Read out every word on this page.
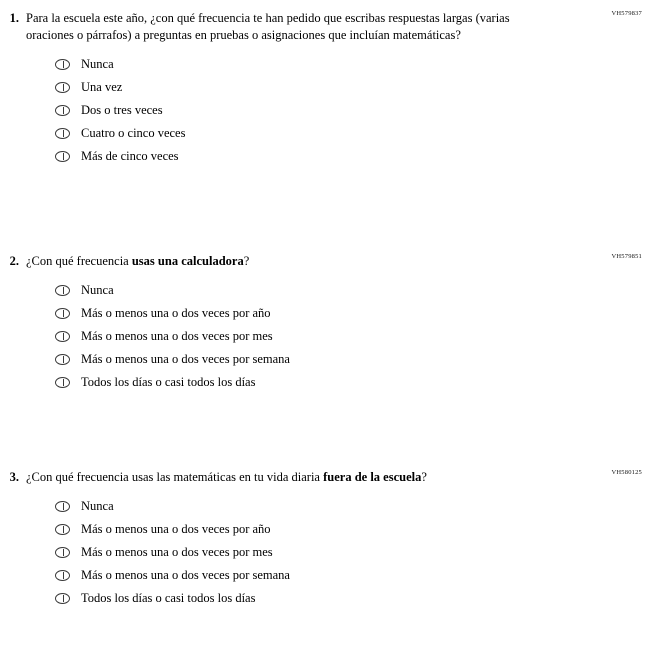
VH579837
1. Para la escuela este año, ¿con qué frecuencia te han pedido que escribas respuestas largas (varias oraciones o párrafos) a preguntas en pruebas o asignaciones que incluían matemáticas?
Nunca
Una vez
Dos o tres veces
Cuatro o cinco veces
Más de cinco veces
VH579851
2. ¿Con qué frecuencia usas una calculadora?
Nunca
Más o menos una o dos veces por año
Más o menos una o dos veces por mes
Más o menos una o dos veces por semana
Todos los días o casi todos los días
VH580125
3. ¿Con qué frecuencia usas las matemáticas en tu vida diaria fuera de la escuela?
Nunca
Más o menos una o dos veces por año
Más o menos una o dos veces por mes
Más o menos una o dos veces por semana
Todos los días o casi todos los días
